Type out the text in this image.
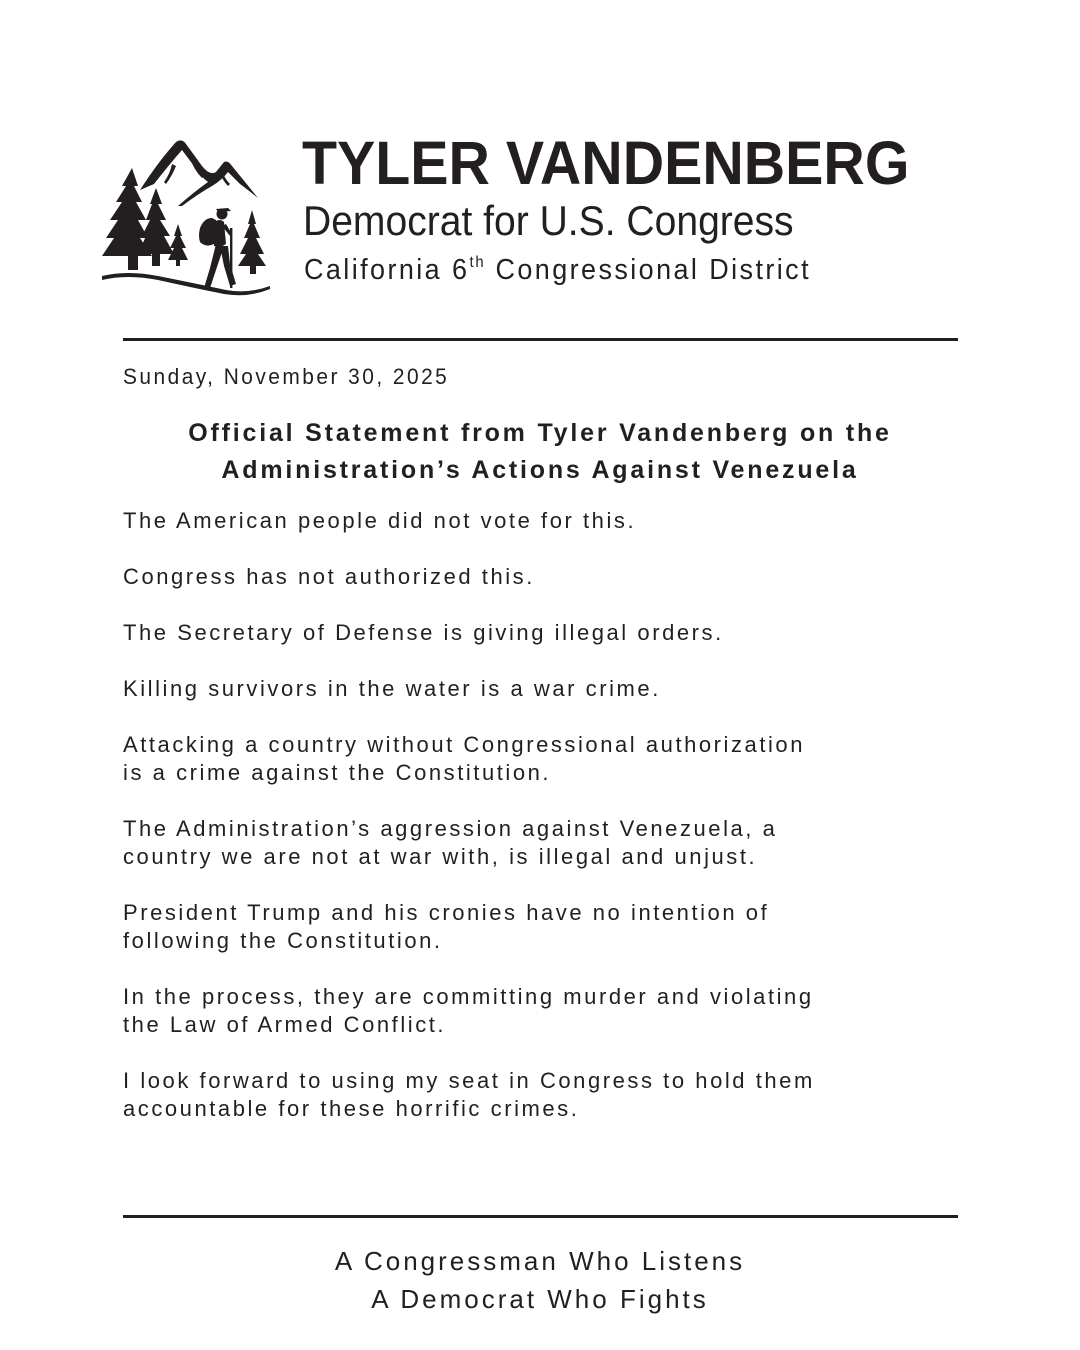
TYLER VANDENBERG
Democrat for U.S. Congress
California 6th Congressional District
Sunday, November 30, 2025
Official Statement from Tyler Vandenberg on the
Administration’s Actions Against Venezuela

The American people did not vote for this.

Congress has not authorized this.

The Secretary of Defense is giving illegal orders.

Killing survivors in the water is a war crime.

Attacking a country without Congressional authorization
is a crime against the Constitution.

The Administration’s aggression against Venezuela, a
country we are not at war with, is illegal and unjust.

President Trump and his cronies have no intention of
following the Constitution.

In the process, they are committing murder and violating
the Law of Armed Conflict.

I look forward to using my seat in Congress to hold them
accountable for these horrific crimes.

A Congressman Who Listens
A Democrat Who Fights
